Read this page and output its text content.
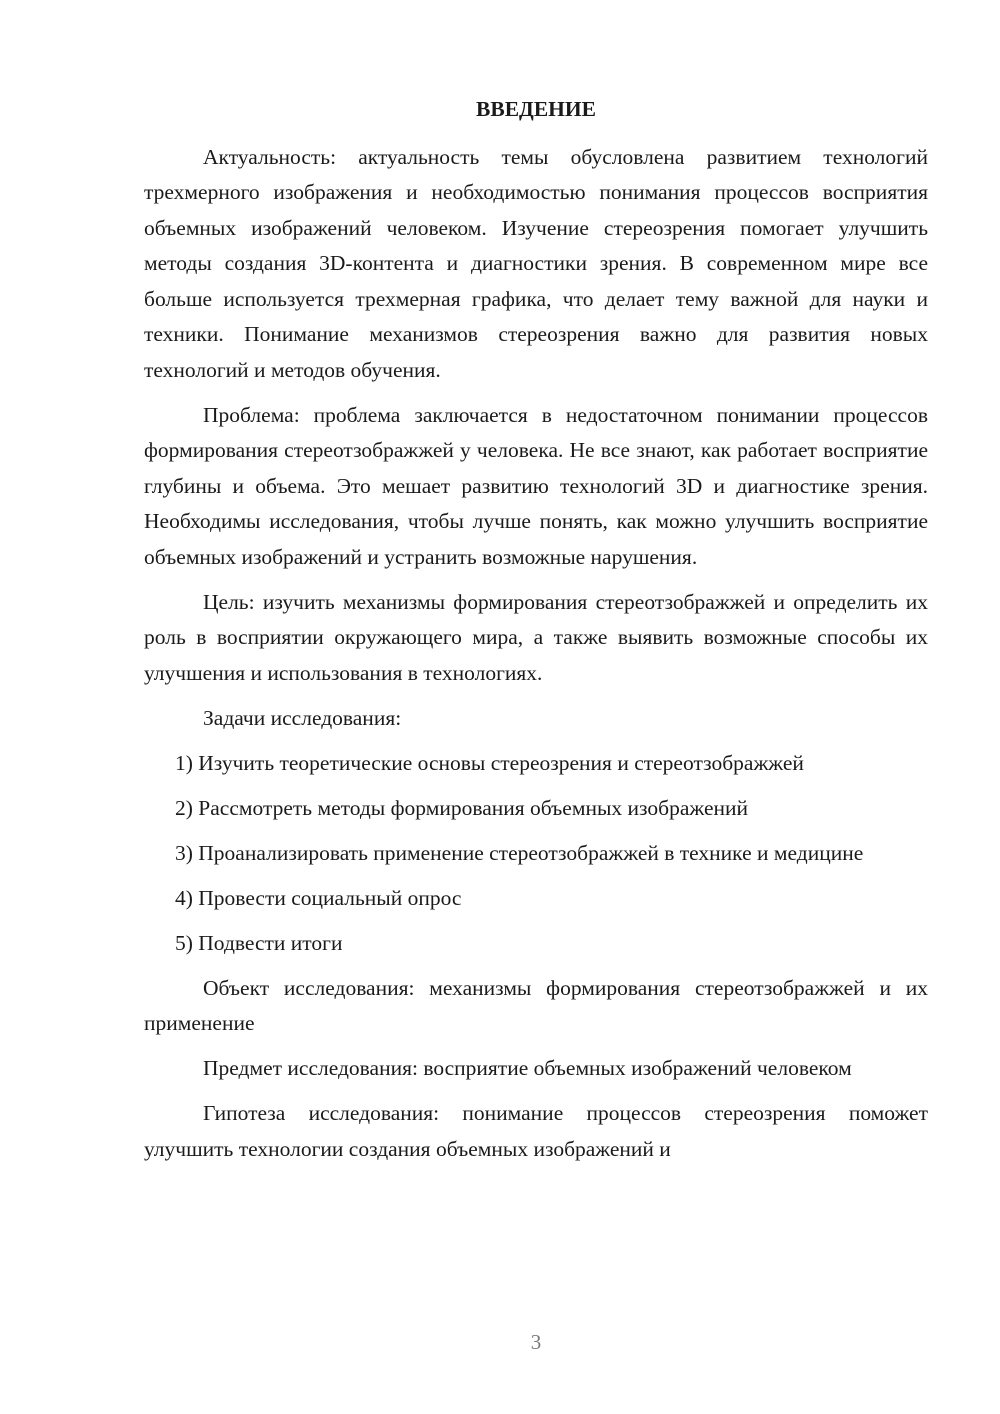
ВВЕДЕНИЕ

Актуальность: актуальность темы обусловлена развитием технологий трехмерного изображения и необходимостью понимания процессов восприятия объемных изображений человеком. Изучение стереозрения помогает улучшить методы создания 3D-контента и диагностики зрения. В современном мире все больше используется трехмерная графика, что делает тему важной для науки и техники. Понимание механизмов стереозрения важно для развития новых технологий и методов обучения.

Проблема: проблема заключается в недостаточном понимании процессов формирования стереотзображжей у человека. Не все знают, как работает восприятие глубины и объема. Это мешает развитию технологий 3D и диагностике зрения. Необходимы исследования, чтобы лучше понять, как можно улучшить восприятие объемных изображений и устранить возможные нарушения.

Цель: изучить механизмы формирования стереотзображжей и определить их роль в восприятии окружающего мира, а также выявить возможные способы их улучшения и использования в технологиях.

Задачи исследования:

1) Изучить теоретические основы стереозрения и стереотзображжей

2) Рассмотреть методы формирования объемных изображений

3) Проанализировать применение стереотзображжей в технике и медицине

4) Провести социальный опрос

5) Подвести итоги

Объект исследования: механизмы формирования стереотзображжей и их применение

Предмет исследования: восприятие объемных изображений человеком

Гипотеза исследования: понимание процессов стереозрения поможет улучшить технологии создания объемных изображений и

3
